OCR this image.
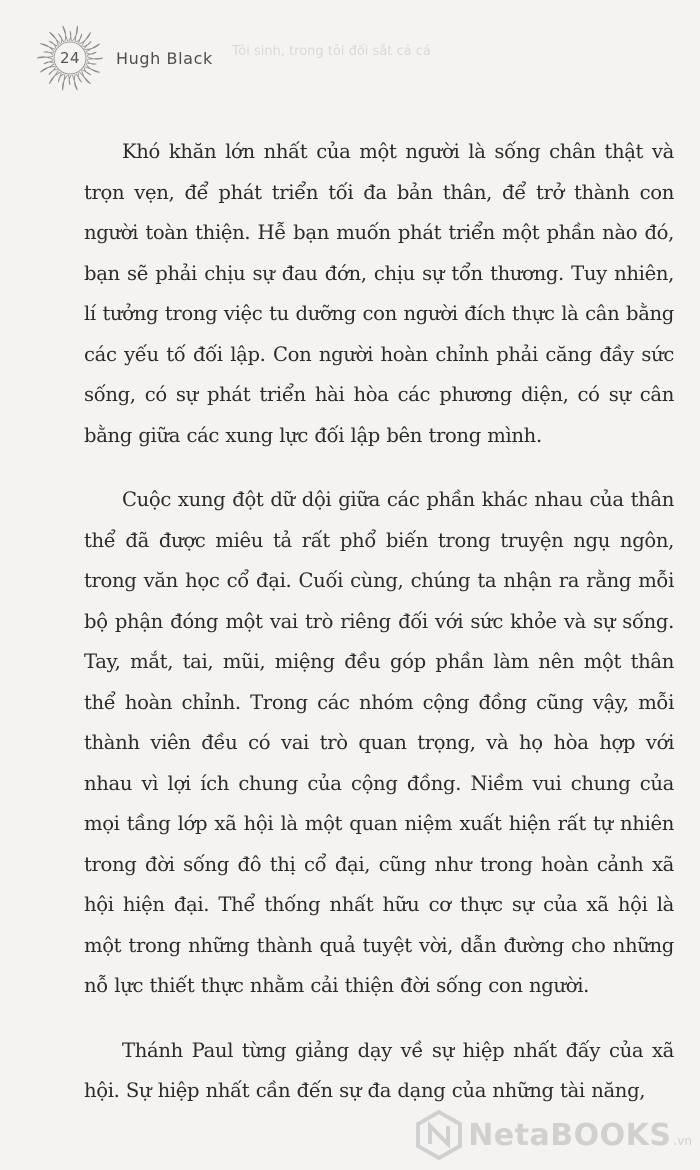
24	Hugh Black Tôi sinh, trong tôi đối sắt cả cá

Khó khăn lớn nhất của một người là sống chân thật và trọn vẹn, để phát triển tối đa bản thân, để trở thành con người toàn thiện. Hễ bạn muốn phát triển một phần nào đó, bạn sẽ phải chịu sự đau đớn, chịu sự tổn thương. Tuy nhiên, lí tưởng trong việc tu dưỡng con người đích thực là cân bằng các yếu tố đối lập. Con người hoàn chỉnh phải căng đầy sức sống, có sự phát triển hài hòa các phương diện, có sự cân bằng giữa các xung lực đối lập bên trong mình.

Cuộc xung đột dữ dội giữa các phần khác nhau của thân thể đã được miêu tả rất phổ biến trong truyện ngụ ngôn, trong văn học cổ đại. Cuối cùng, chúng ta nhận ra rằng mỗi bộ phận đóng một vai trò riêng đối với sức khỏe và sự sống. Tay, mắt, tai, mũi, miệng đều góp phần làm nên một thân thể hoàn chỉnh. Trong các nhóm cộng đồng cũng vậy, mỗi thành viên đều có vai trò quan trọng, và họ hòa hợp với nhau vì lợi ích chung của cộng đồng. Niềm vui chung của mọi tầng lớp xã hội là một quan niệm xuất hiện rất tự nhiên trong đời sống đô thị cổ đại, cũng như trong hoàn cảnh xã hội hiện đại. Thể thống nhất hữu cơ thực sự của xã hội là một trong những thành quả tuyệt vời, dẫn đường cho những nỗ lực thiết thực nhằm cải thiện đời sống con người.

Thánh Paul từng giảng dạy về sự hiệp nhất đấy của xã hội. Sự hiệp nhất cần đến sự đa dạng của những tài năng,

NetaBOOKS .vn
